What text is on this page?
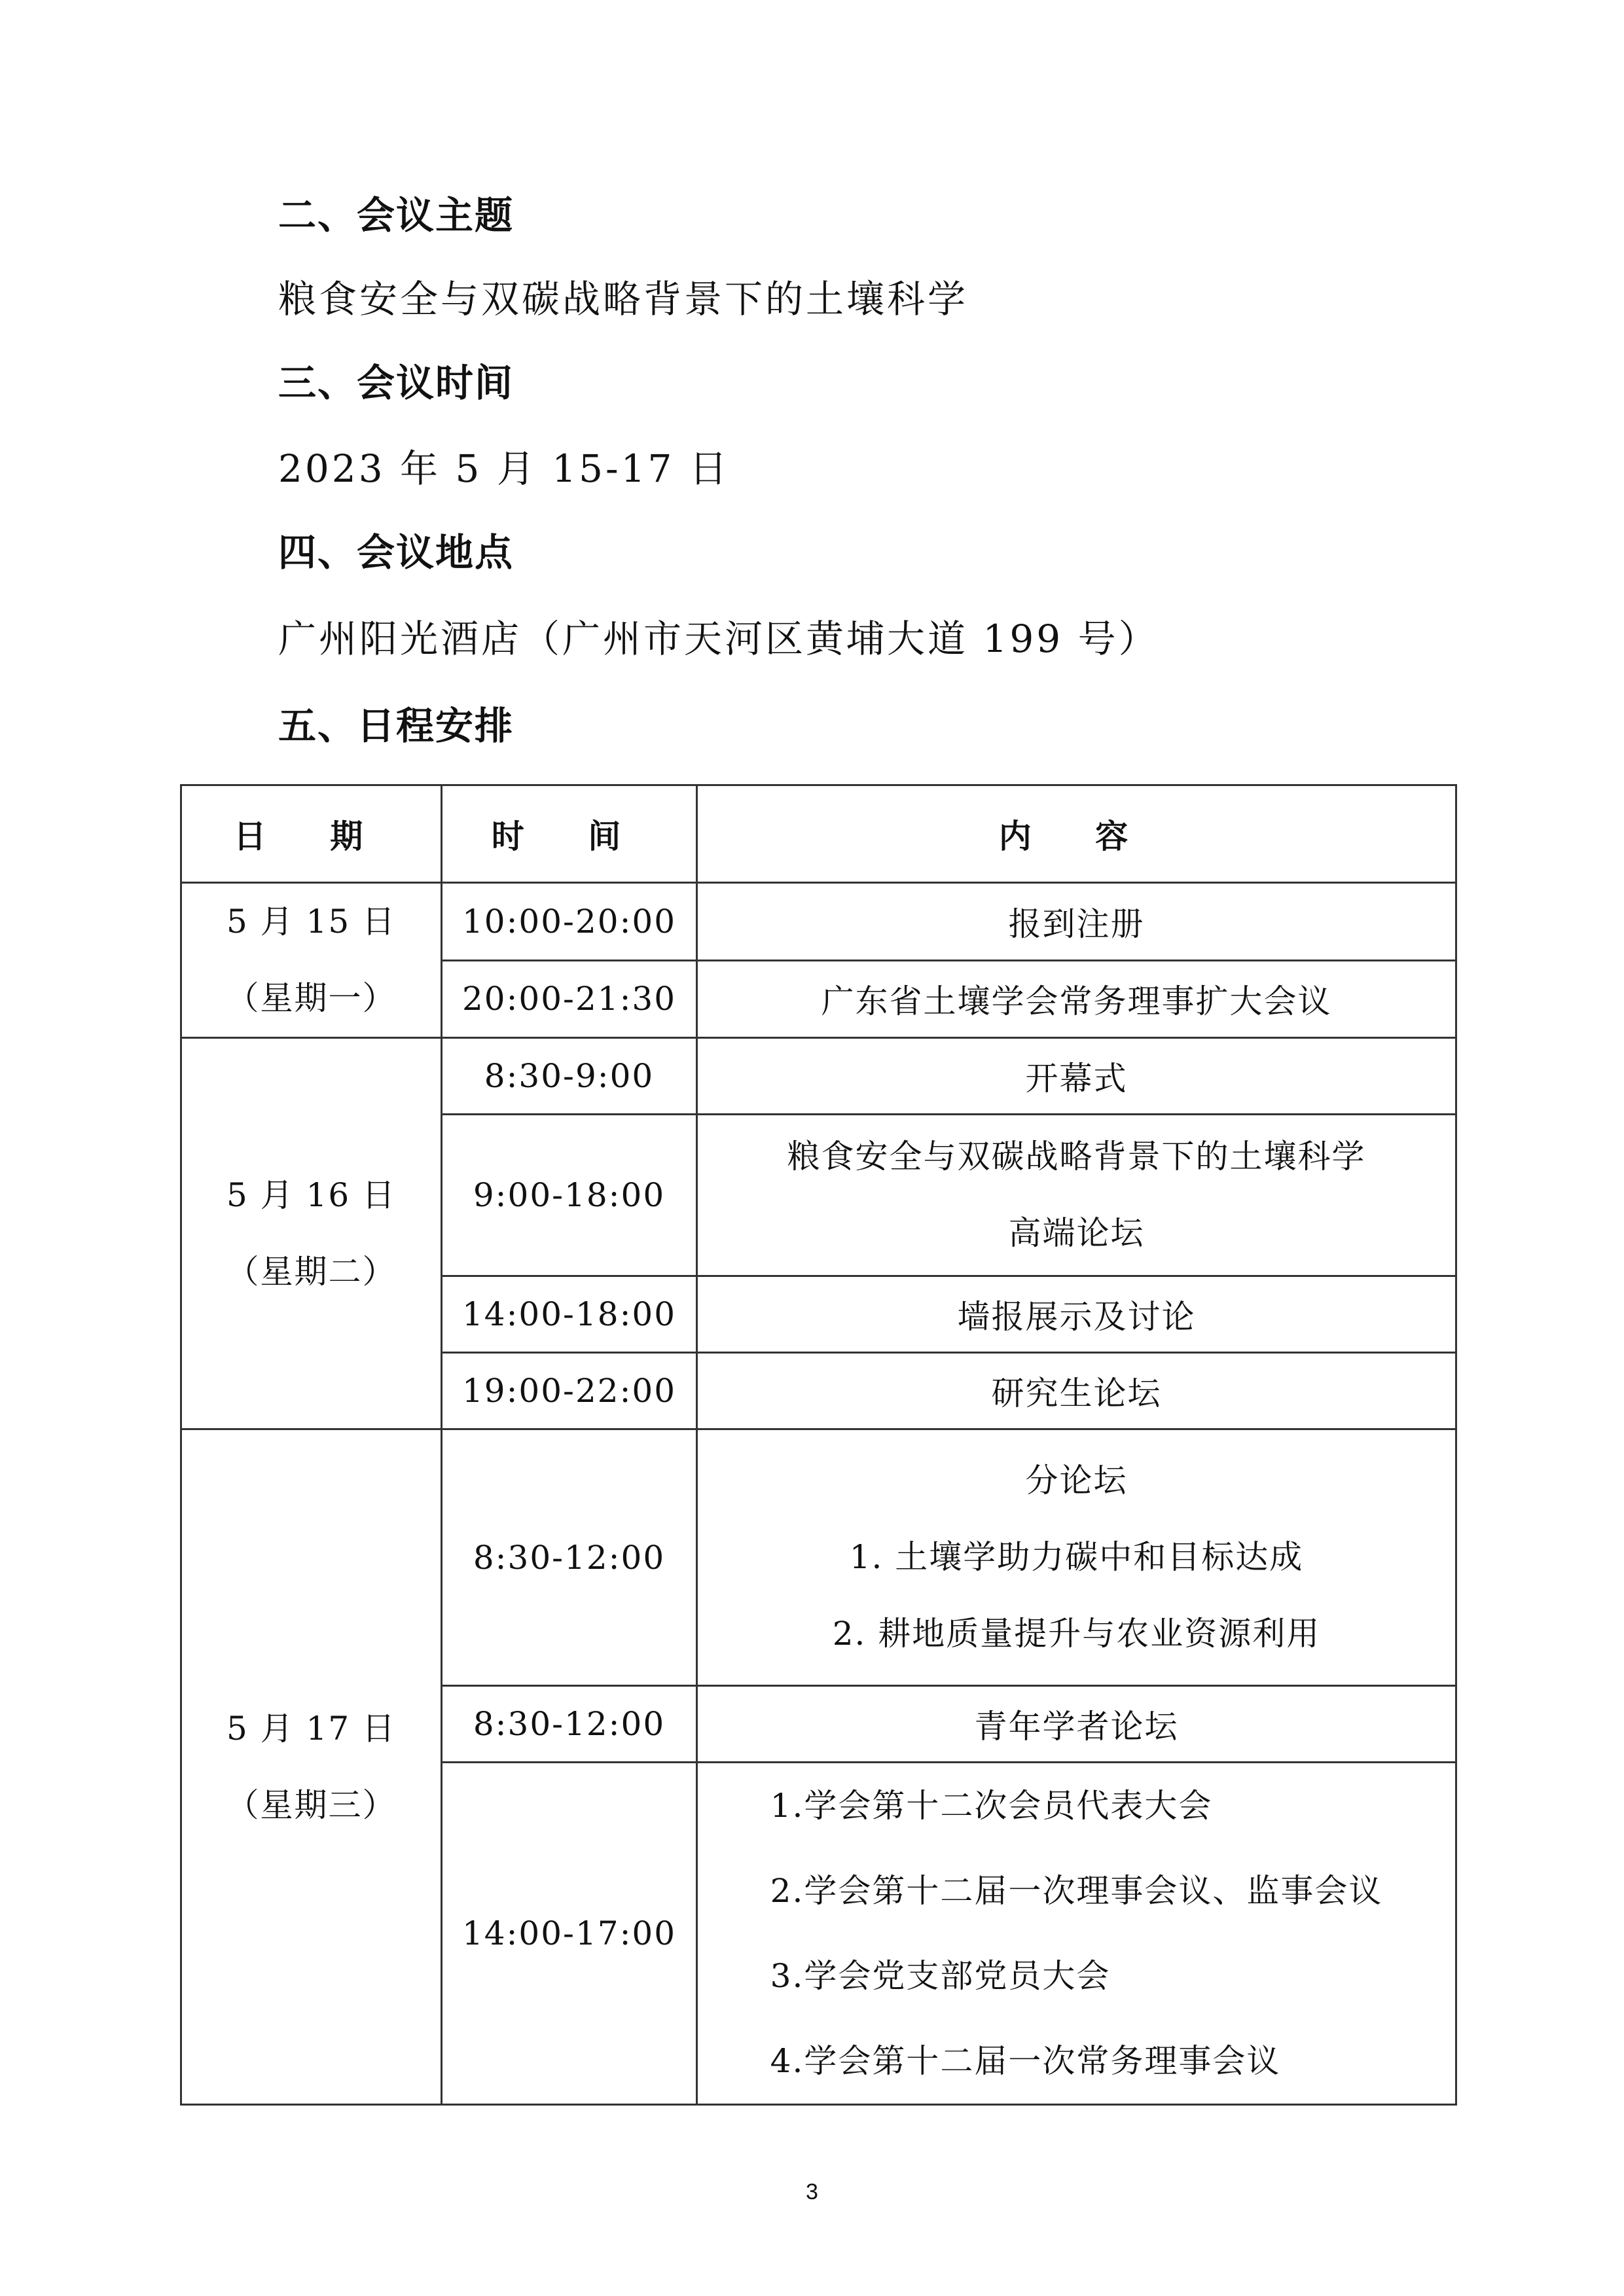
二、会议主题

粮食安全与双碳战略背景下的土壤科学

三、会议时间

2023 年 5 月 15-17 日

四、会议地点

广州阳光酒店（广州市天河区黄埔大道 199 号）

五、日程安排
日 期	时 间	内 容

5 月 15 日
（星期一）	10:00-20:00	报到注册
	20:00-21:30	广东省土壤学会常务理事扩大会议

5 月 16 日
（星期二）	8:30-9:00	开幕式
	9:00-18:00	粮食安全与双碳战略背景下的土壤科学
高端论坛

	14:00-18:00	墙报展示及讨论
	19:00-22:00	研究生论坛

5 月 17 日
（星期三）	8:30-12:00	分论坛
1. 土壤学助力碳中和目标达成
2. 耕地质量提升与农业资源利用

	8:30-12:00	青年学者论坛
	14:00-17:00	1.学会第十二次会员代表大会
2.学会第十二届一次理事会议、监事会议
3.学会党支部党员大会
4.学会第十二届一次常务理事会议
3
